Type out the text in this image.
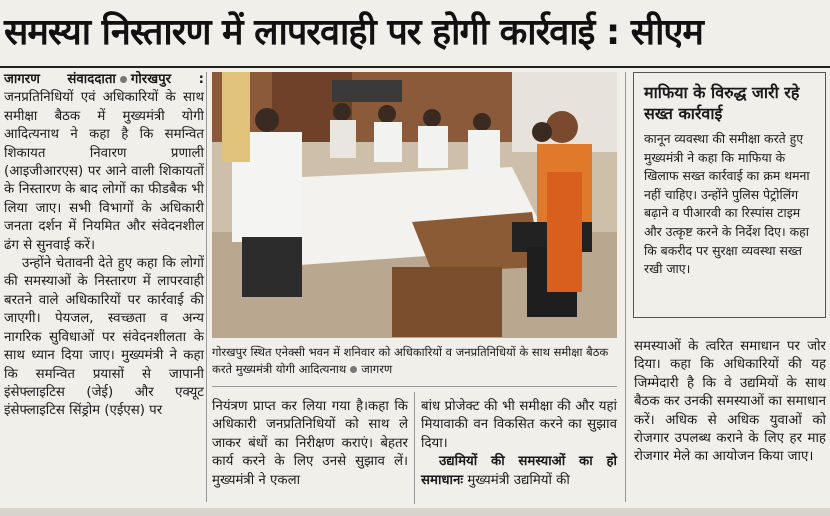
समस्या निस्तारण में लापरवाही पर होगी कार्रवाई : सीएम

जागरण संवाददाता गोरखपुर : जनप्रतिनिधियों एवं अधिकारियों के साथ समीक्षा बैठक में मुख्यमंत्री योगी आदित्यनाथ ने कहा है कि समन्वित शिकायत निवारण प्रणाली (आइजीआरएस) पर आने वाली शिकायतों के निस्तारण के बाद लोगों का फीडबैक भी लिया जाए। सभी विभागों के अधिकारी जनता दर्शन में नियमित और संवेदनशील ढंग से सुनवाई करें।

उन्होंने चेतावनी देते हुए कहा कि लोगों की समस्याओं के निस्तारण में लापरवाही बरतने वाले अधिकारियों पर कार्रवाई की जाएगी। पेयजल, स्वच्छता व अन्य नागरिक सुविधाओं पर संवेदनशीलता के साथ ध्यान दिया जाए। मुख्यमंत्री ने कहा कि समन्वित प्रयासों से जापानी इंसेफ्लाइटिस (जेई) और एक्यूट इंसेफ्लाइटिस सिंड्रोम (एईएस) पर

गोरखपुर स्थित एनेक्सी भवन में शनिवार को अधिकारियों व जनप्रतिनिधियों के साथ समीक्षा बैठक करते मुख्यमंत्री योगी आदित्यनाथ जागरण

नियंत्रण प्राप्त कर लिया गया है।कहा कि अधिकारी जनप्रतिनिधियों को साथ ले जाकर बंधों का निरीक्षण कराएं। बेहतर कार्य करने के लिए उनसे सुझाव लें। मुख्यमंत्री ने एकला

बांध प्रोजेक्ट की भी समीक्षा की और यहां मियावाकी वन विकसित करने का सुझाव दिया।

उद्यमियों की समस्याओं का हो समाधानः मुख्यमंत्री उद्यमियों की

माफिया के विरुद्ध जारी रहे सख्त कार्रवाई
कानून व्यवस्था की समीक्षा करते हुए मुख्यमंत्री ने कहा कि माफिया के खिलाफ सख्त कार्रवाई का क्रम थमना नहीं चाहिए। उन्होंने पुलिस पेट्रोलिंग बढ़ाने व पीआरवी का रिस्पांस टाइम और उत्कृष्ट करने के निर्देश दिए। कहा कि बकरीद पर सुरक्षा व्यवस्था सख्त रखी जाए।

समस्याओं के त्वरित समाधान पर जोर दिया। कहा कि अधिकारियों की यह जिम्मेदारी है कि वे उद्यमियों के साथ बैठक कर उनकी समस्याओं का समाधान करें। अधिक से अधिक युवाओं को रोजगार उपलब्ध कराने के लिए हर माह रोजगार मेले का आयोजन किया जाए।
